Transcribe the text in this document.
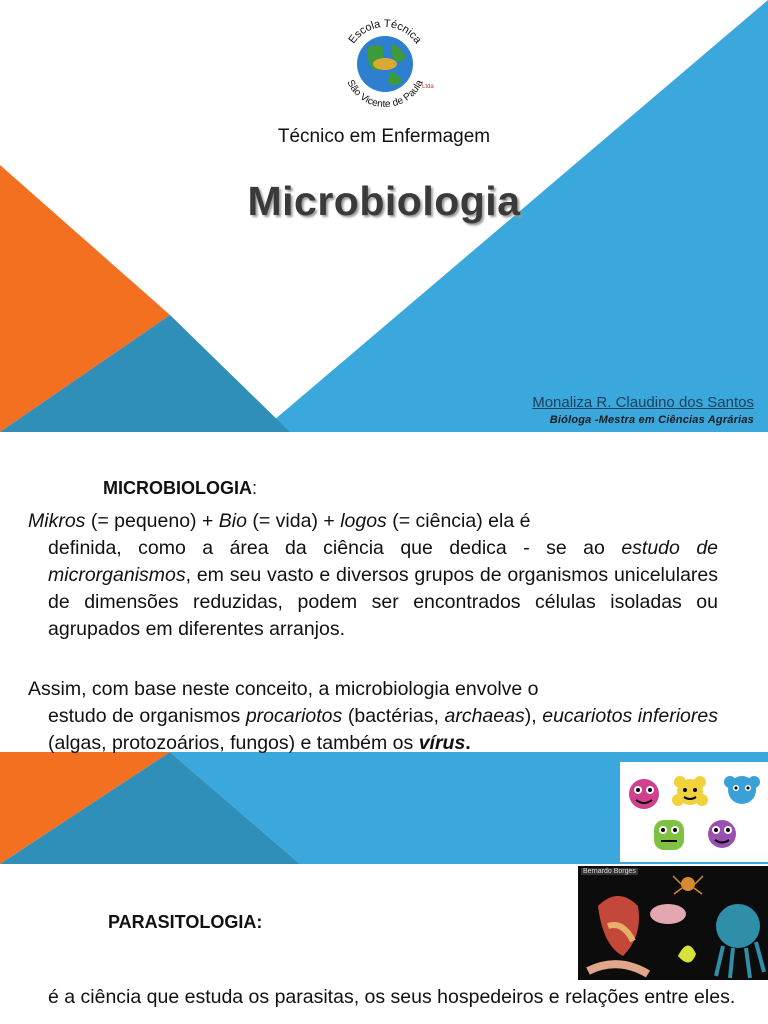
Escola Técnica
São Vicente de Paula
Ltda
Técnico em Enfermagem
Microbiologia
Monaliza R. Claudino dos Santos
Bióloga -Mestra em Ciências Agrárias
MICROBIOLOGIA:
Mikros (= pequeno) + Bio (= vida) + logos (= ciência) ela é
definida, como a área da ciência que dedica - se ao estudo de microrganismos, em seu vasto e diversos grupos de organismos unicelulares de dimensões reduzidas, podem ser encontrados células isoladas ou agrupados em diferentes arranjos.
Assim, com base neste conceito, a microbiologia envolve o
estudo de organismos procariotos (bactérias, archaeas), eucariotos inferiores (algas, protozoários, fungos) e também os vírus.
PARASITOLOGIA:
Bernardo Borges
é a ciência que estuda os parasitas, os seus hospedeiros e relações entre eles.
